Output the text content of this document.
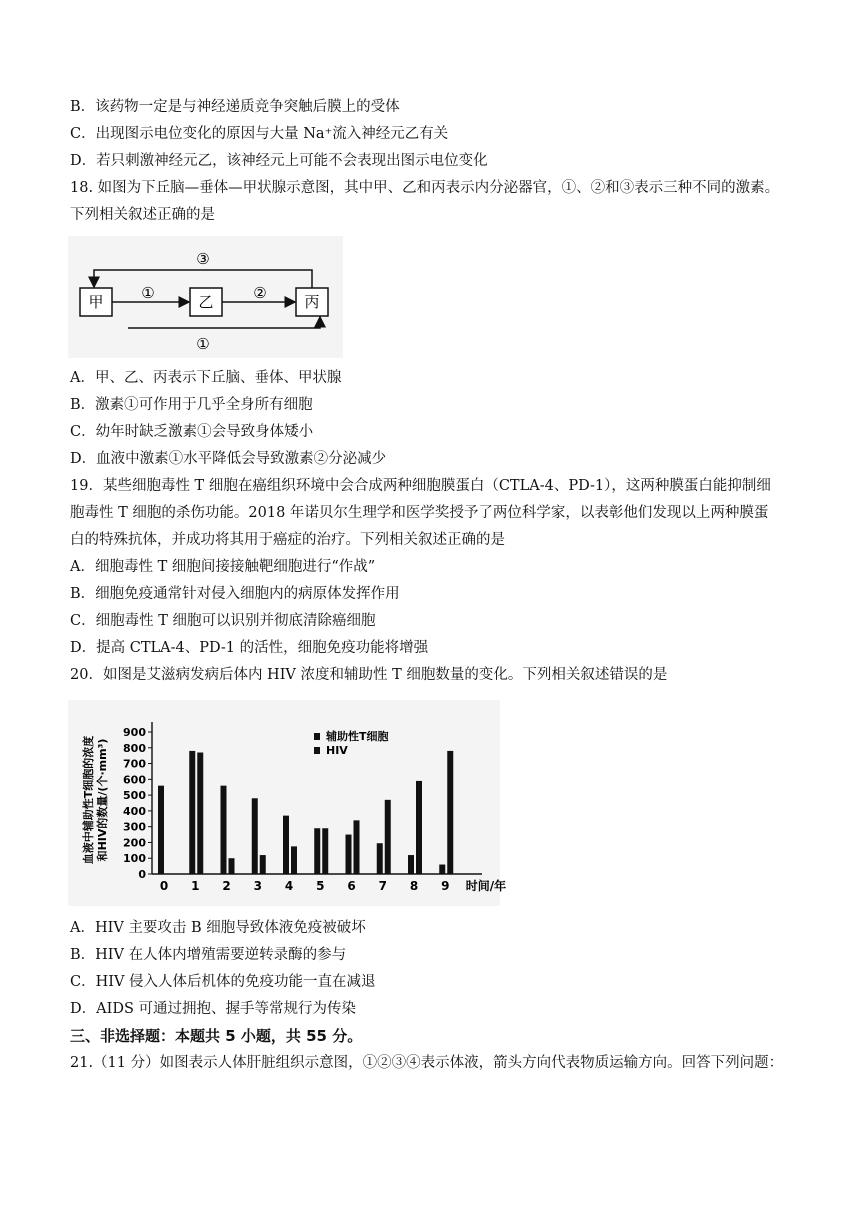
B．该药物一定是与神经递质竞争突触后膜上的受体
C．出现图示电位变化的原因与大量 Na⁺流入神经元乙有关
D．若只刺激神经元乙，该神经元上可能不会表现出图示电位变化
18. 如图为下丘脑—垂体—甲状腺示意图，其中甲、乙和丙表示内分泌器官，①、②和③表示三种不同的激素。
下列相关叙述正确的是
甲	乙	丙
①	②
③
①
A．甲、乙、丙表示下丘脑、垂体、甲状腺
B．激素①可作用于几乎全身所有细胞
C．幼年时缺乏激素①会导致身体矮小
D．血液中激素①水平降低会导致激素②分泌减少
19．某些细胞毒性 T 细胞在癌组织环境中会合成两种细胞膜蛋白（CTLA-4、PD-1），这两种膜蛋白能抑制细
胞毒性 T 细胞的杀伤功能。2018 年诺贝尔生理学和医学奖授予了两位科学家，以表彰他们发现以上两种膜蛋
白的特殊抗体，并成功将其用于癌症的治疗。下列相关叙述正确的是
A．细胞毒性 T 细胞间接接触靶细胞进行“作战”
B．细胞免疫通常针对侵入细胞内的病原体发挥作用
C．细胞毒性 T 细胞可以识别并彻底清除癌细胞
D．提高 CTLA-4、PD-1 的活性，细胞免疫功能将增强
20．如图是艾滋病发病后体内 HIV 浓度和辅助性 T 细胞数量的变化。下列相关叙述错误的是
血液中辅助性T细胞的浓度 和HIV的数量/(个·mm³)
0
100
200
300
400
500
600
700
800
900
0 1 2 3 4 5 6 7 8 9 时间/年
辅助性T细胞
HIV
A．HIV 主要攻击 B 细胞导致体液免疫被破坏
B．HIV 在人体内增殖需要逆转录酶的参与
C．HIV 侵入人体后机体的免疫功能一直在减退
D．AIDS 可通过拥抱、握手等常规行为传染
三、非选择题：本题共 5 小题，共 55 分。
21.（11 分）如图表示人体肝脏组织示意图，①②③④表示体液，箭头方向代表物质运输方向。回答下列问题：
